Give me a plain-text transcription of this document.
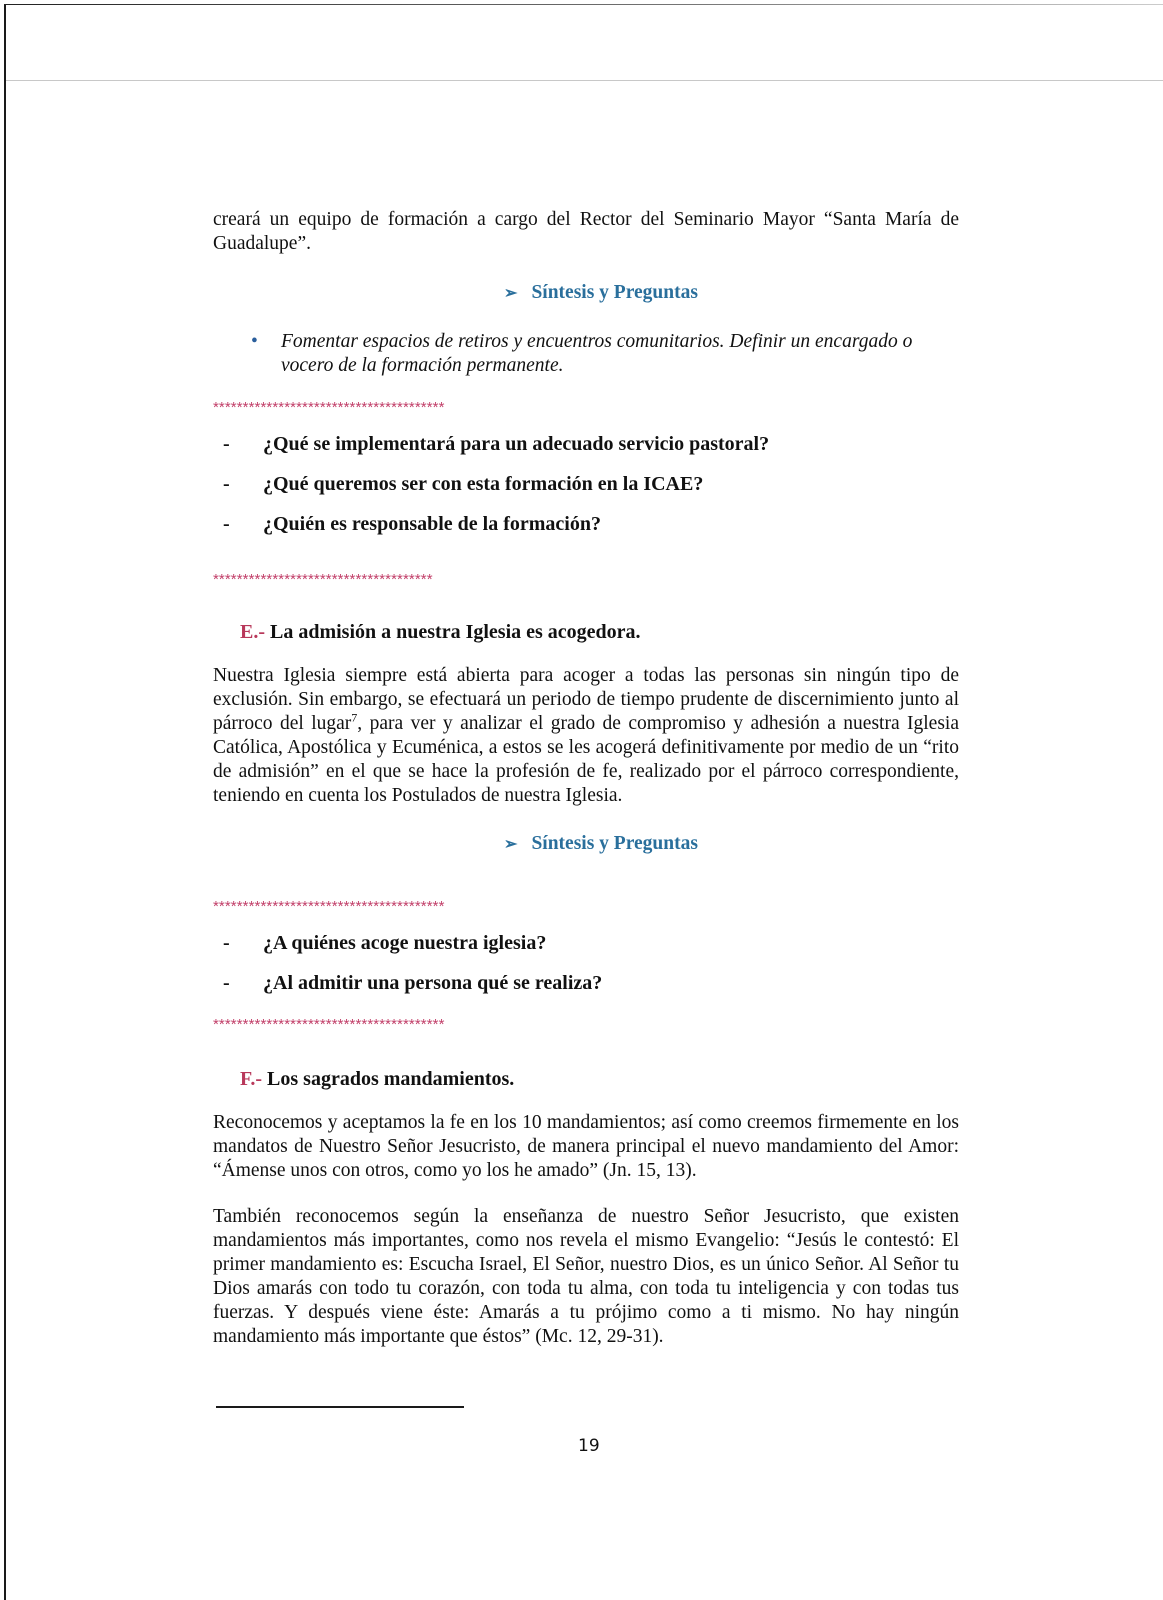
creará un equipo de formación a cargo del Rector del Seminario Mayor “Santa María de Guadalupe”.

➢ Síntesis y Preguntas
• Fomentar espacios de retiros y encuentros comunitarios. Definir un encargado o vocero de la formación permanente.
***************************************
- ¿Qué se implementará para un adecuado servicio pastoral?
- ¿Qué queremos ser con esta formación en la ICAE?
- ¿Quién es responsable de la formación?
*************************************
E.- La admisión a nuestra Iglesia es acogedora.

Nuestra Iglesia siempre está abierta para acoger a todas las personas sin ningún tipo de exclusión. Sin embargo, se efectuará un periodo de tiempo prudente de discernimiento junto al párroco del lugar$^7$, para ver y analizar el grado de compromiso y adhesión a nuestra Iglesia Católica, Apostólica y Ecuménica, a estos se les acogerá definitivamente por medio de un “rito de admisión” en el que se hace la profesión de fe, realizado por el párroco correspondiente, teniendo en cuenta los Postulados de nuestra Iglesia.

➢ Síntesis y Preguntas
***************************************
- ¿A quiénes acoge nuestra iglesia?
- ¿Al admitir una persona qué se realiza?
***************************************
F.- Los sagrados mandamientos.

Reconocemos y aceptamos la fe en los 10 mandamientos; así como creemos firmemente en los mandatos de Nuestro Señor Jesucristo, de manera principal el nuevo mandamiento del Amor: “Ámense unos con otros, como yo los he amado” (Jn. 15, 13).

También reconocemos según la enseñanza de nuestro Señor Jesucristo, que existen mandamientos más importantes, como nos revela el mismo Evangelio: “Jesús le contestó: El primer mandamiento es: Escucha Israel, El Señor, nuestro Dios, es un único Señor. Al Señor tu Dios amarás con todo tu corazón, con toda tu alma, con toda tu inteligencia y con todas tus fuerzas. Y después viene éste: Amarás a tu prójimo como a ti mismo. No hay ningún mandamiento más importante que éstos” (Mc. 12, 29-31).

19
